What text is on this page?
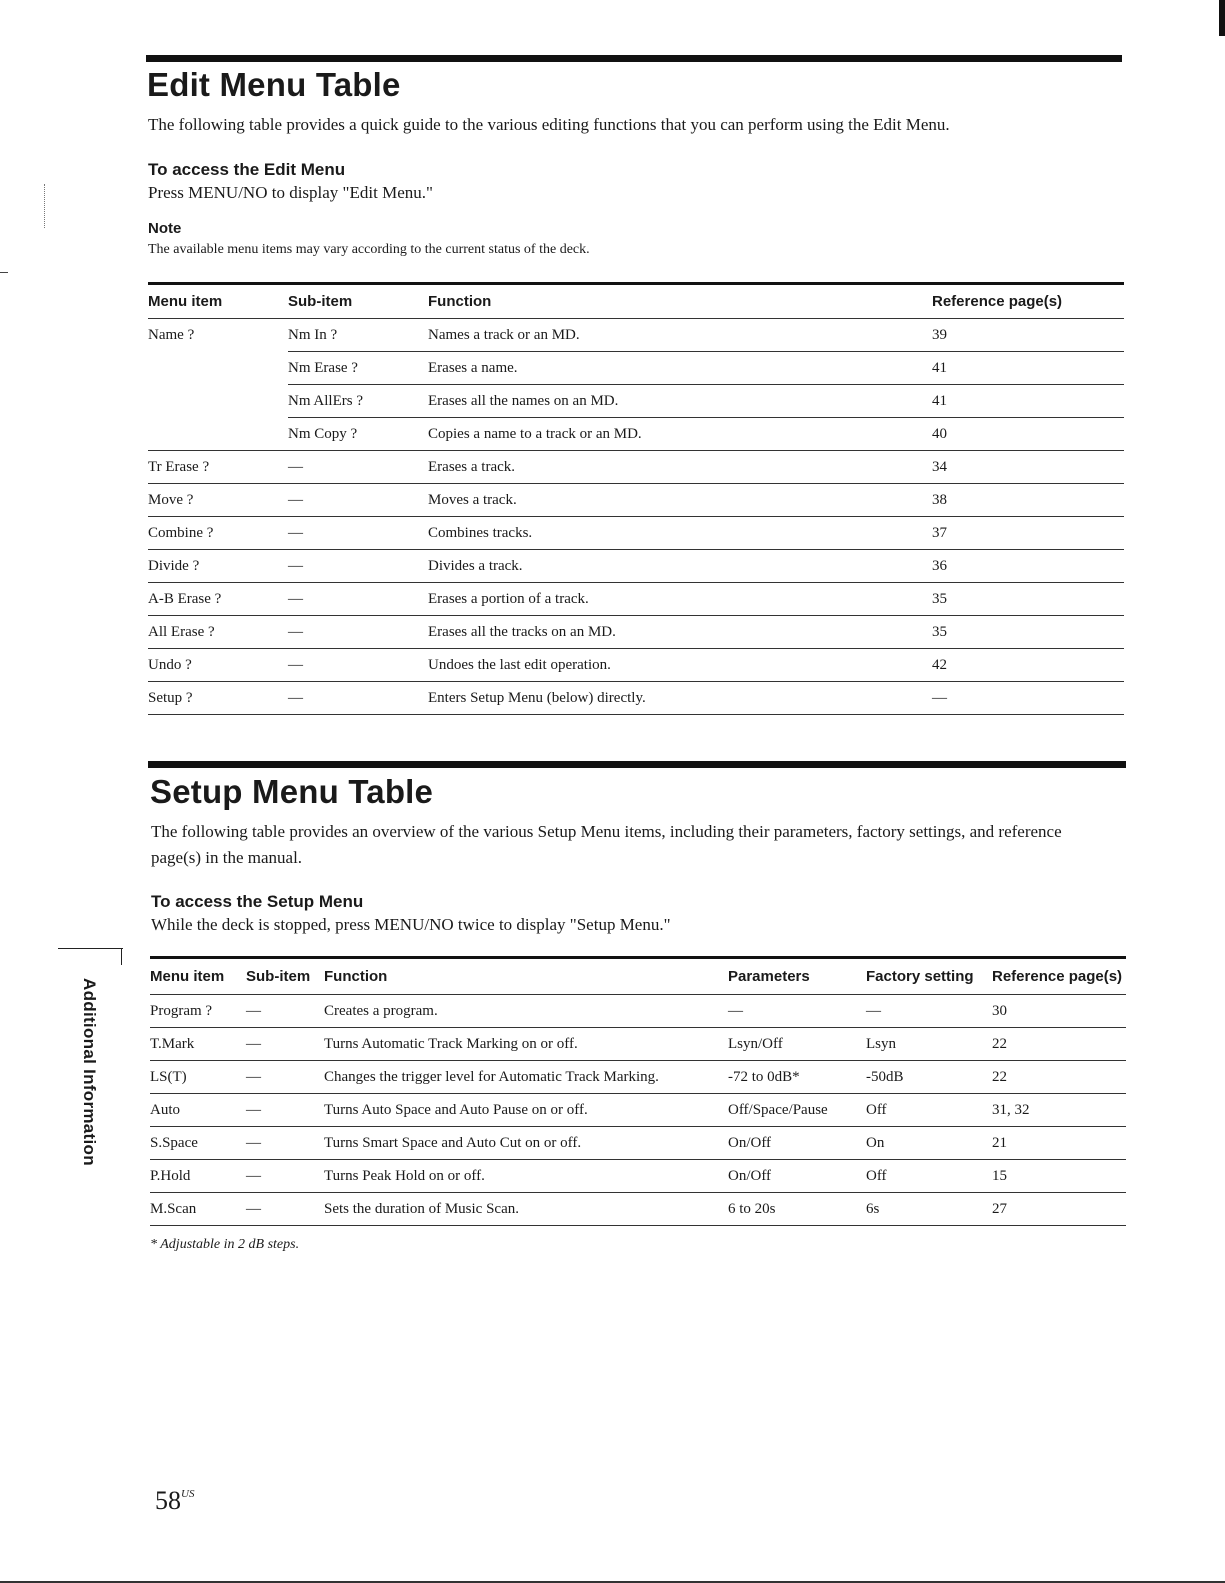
Edit Menu Table
The following table provides a quick guide to the various editing functions that you can perform using the Edit Menu.
To access the Edit Menu
Press MENU/NO to display "Edit Menu."
Note
The available menu items may vary according to the current status of the deck.
Menu item	Sub-item	Function	Reference page(s)
Name ?	Nm In ?	Names a track or an MD.	39
	Nm Erase ?	Erases a name.	41
	Nm AllErs ?	Erases all the names on an MD.	41
	Nm Copy ?	Copies a name to a track or an MD.	40
Tr Erase ?	—	Erases a track.	34
Move ?	—	Moves a track.	38
Combine ?	—	Combines tracks.	37
Divide ?	—	Divides a track.	36
A-B Erase ?	—	Erases a portion of a track.	35
All Erase ?	—	Erases all the tracks on an MD.	35
Undo ?	—	Undoes the last edit operation.	42
Setup ?	—	Enters Setup Menu (below) directly.	—
Setup Menu Table
The following table provides an overview of the various Setup Menu items, including their parameters, factory settings, and reference page(s) in the manual.
To access the Setup Menu
While the deck is stopped, press MENU/NO twice to display "Setup Menu."
Menu item	Sub-item	Function	Parameters	Factory setting	Reference page(s)
Program ?	—	Creates a program.	—	—	30
T.Mark	—	Turns Automatic Track Marking on or off.	Lsyn/Off	Lsyn	22
LS(T)	—	Changes the trigger level for Automatic Track Marking.	-72 to 0dB*	-50dB	22
Auto	—	Turns Auto Space and Auto Pause on or off.	Off/Space/Pause	Off	31, 32
S.Space	—	Turns Smart Space and Auto Cut on or off.	On/Off	On	21
P.Hold	—	Turns Peak Hold on or off.	On/Off	Off	15
M.Scan	—	Sets the duration of Music Scan.	6 to 20s	6s	27
* Adjustable in 2 dB steps.
Additional Information
$58^{US}$
